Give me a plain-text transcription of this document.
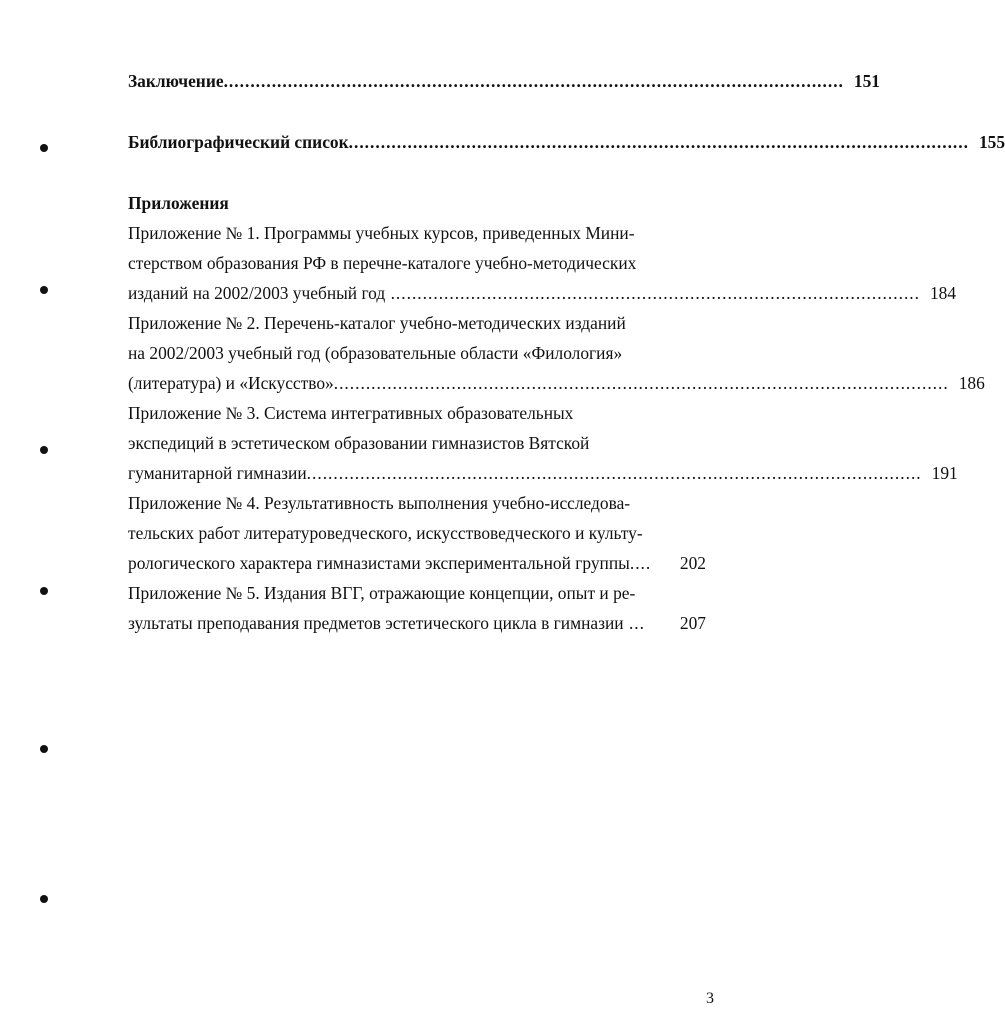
Заключение .................................................................................................................... 151
Библиографический список .................................................................................................................... 155
Приложения
Приложение № 1. Программы учебных курсов, приведенных Мини-
стерством образования РФ в перечне-каталоге учебно-методических
изданий на 2002/2003 учебный год ................................................................................................... 184
Приложение № 2. Перечень-каталог учебно-методических изданий
на 2002/2003 учебный год (образовательные области «Филология»
(литература) и «Искусство» ................................................................................................................... 186
Приложение № 3. Система интегративных образовательных
экспедиций в эстетическом образовании гимназистов Вятской
гуманитарной гимназии ................................................................................................................... 191
Приложение № 4. Результативность выполнения учебно-исследова-
тельских работ литературоведческого, искусствоведческого и культу-
рологического характера гимназистами экспериментальной группы ....	202
Приложение № 5. Издания ВГГ, отражающие концепции, опыт и ре-
зультаты преподавания предметов эстетического цикла в гимназии ...	207
3
